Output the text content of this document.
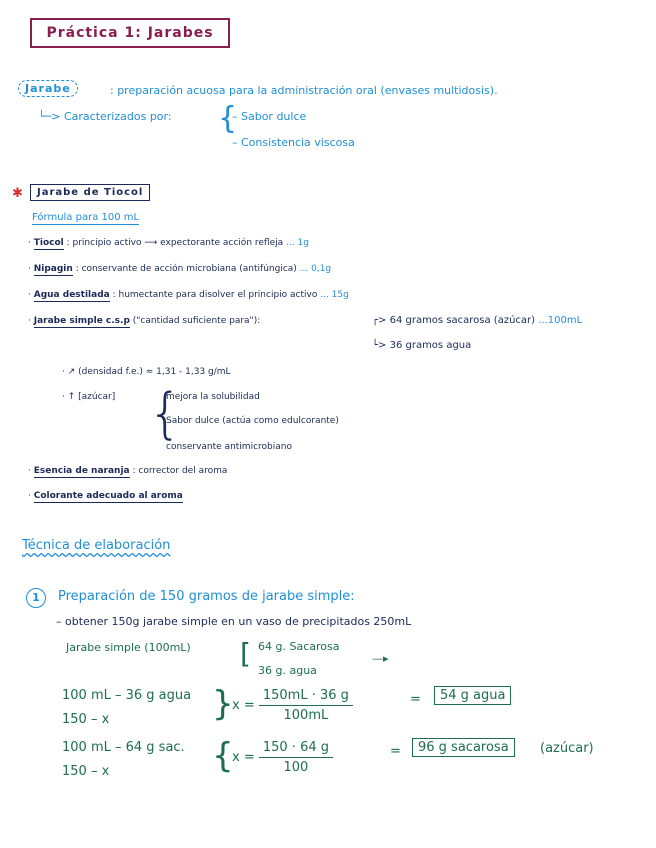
Práctica 1: Jarabes
Jarabe	: preparación acuosa para la administración oral (envases multidosis).
└─> Caracterizados por: {
– Sabor dulce
– Consistencia viscosa
✱	Jarabe de Tiocol
Fórmula para 100 mL
· Tiocol : principio activo ⟶ expectorante acción refleja ... 1g
· Nipagin : conservante de acción microbiana (antifúngica) ... 0,1g
· Agua destilada : humectante para disolver el principio activo ... 15g
· Jarabe simple c.s.p ("cantidad suficiente para"):	┌> 64 gramos sacarosa (azúcar) ...100mL
└> 36 gramos agua
· ↗ (densidad f.e.) ≈ 1,31 - 1,33 g/mL
· ↑ [azúcar] {
mejora la solubilidad
Sabor dulce (actúa como edulcorante)
conservante antimicrobiano
· Esencia de naranja : corrector del aroma
· Colorante adecuado al aroma
Técnica de elaboración
1	Preparación de 150 gramos de jarabe simple:
– obtener 150g jarabe simple en un vaso de precipitados 250mL
Jarabe simple (100mL) [ 64 g. Sacarosa
36 g. agua
—▸
100 mL – 36 g agua
150 – x	}
$x = \frac{150mL \cdot 36 g}{100mL}$	=	54 g agua
100 mL – 64 g sac.
150 – x	{
$x = \frac{150 \cdot 64 g}{100}$	=	96 g sacarosa	(azúcar)
